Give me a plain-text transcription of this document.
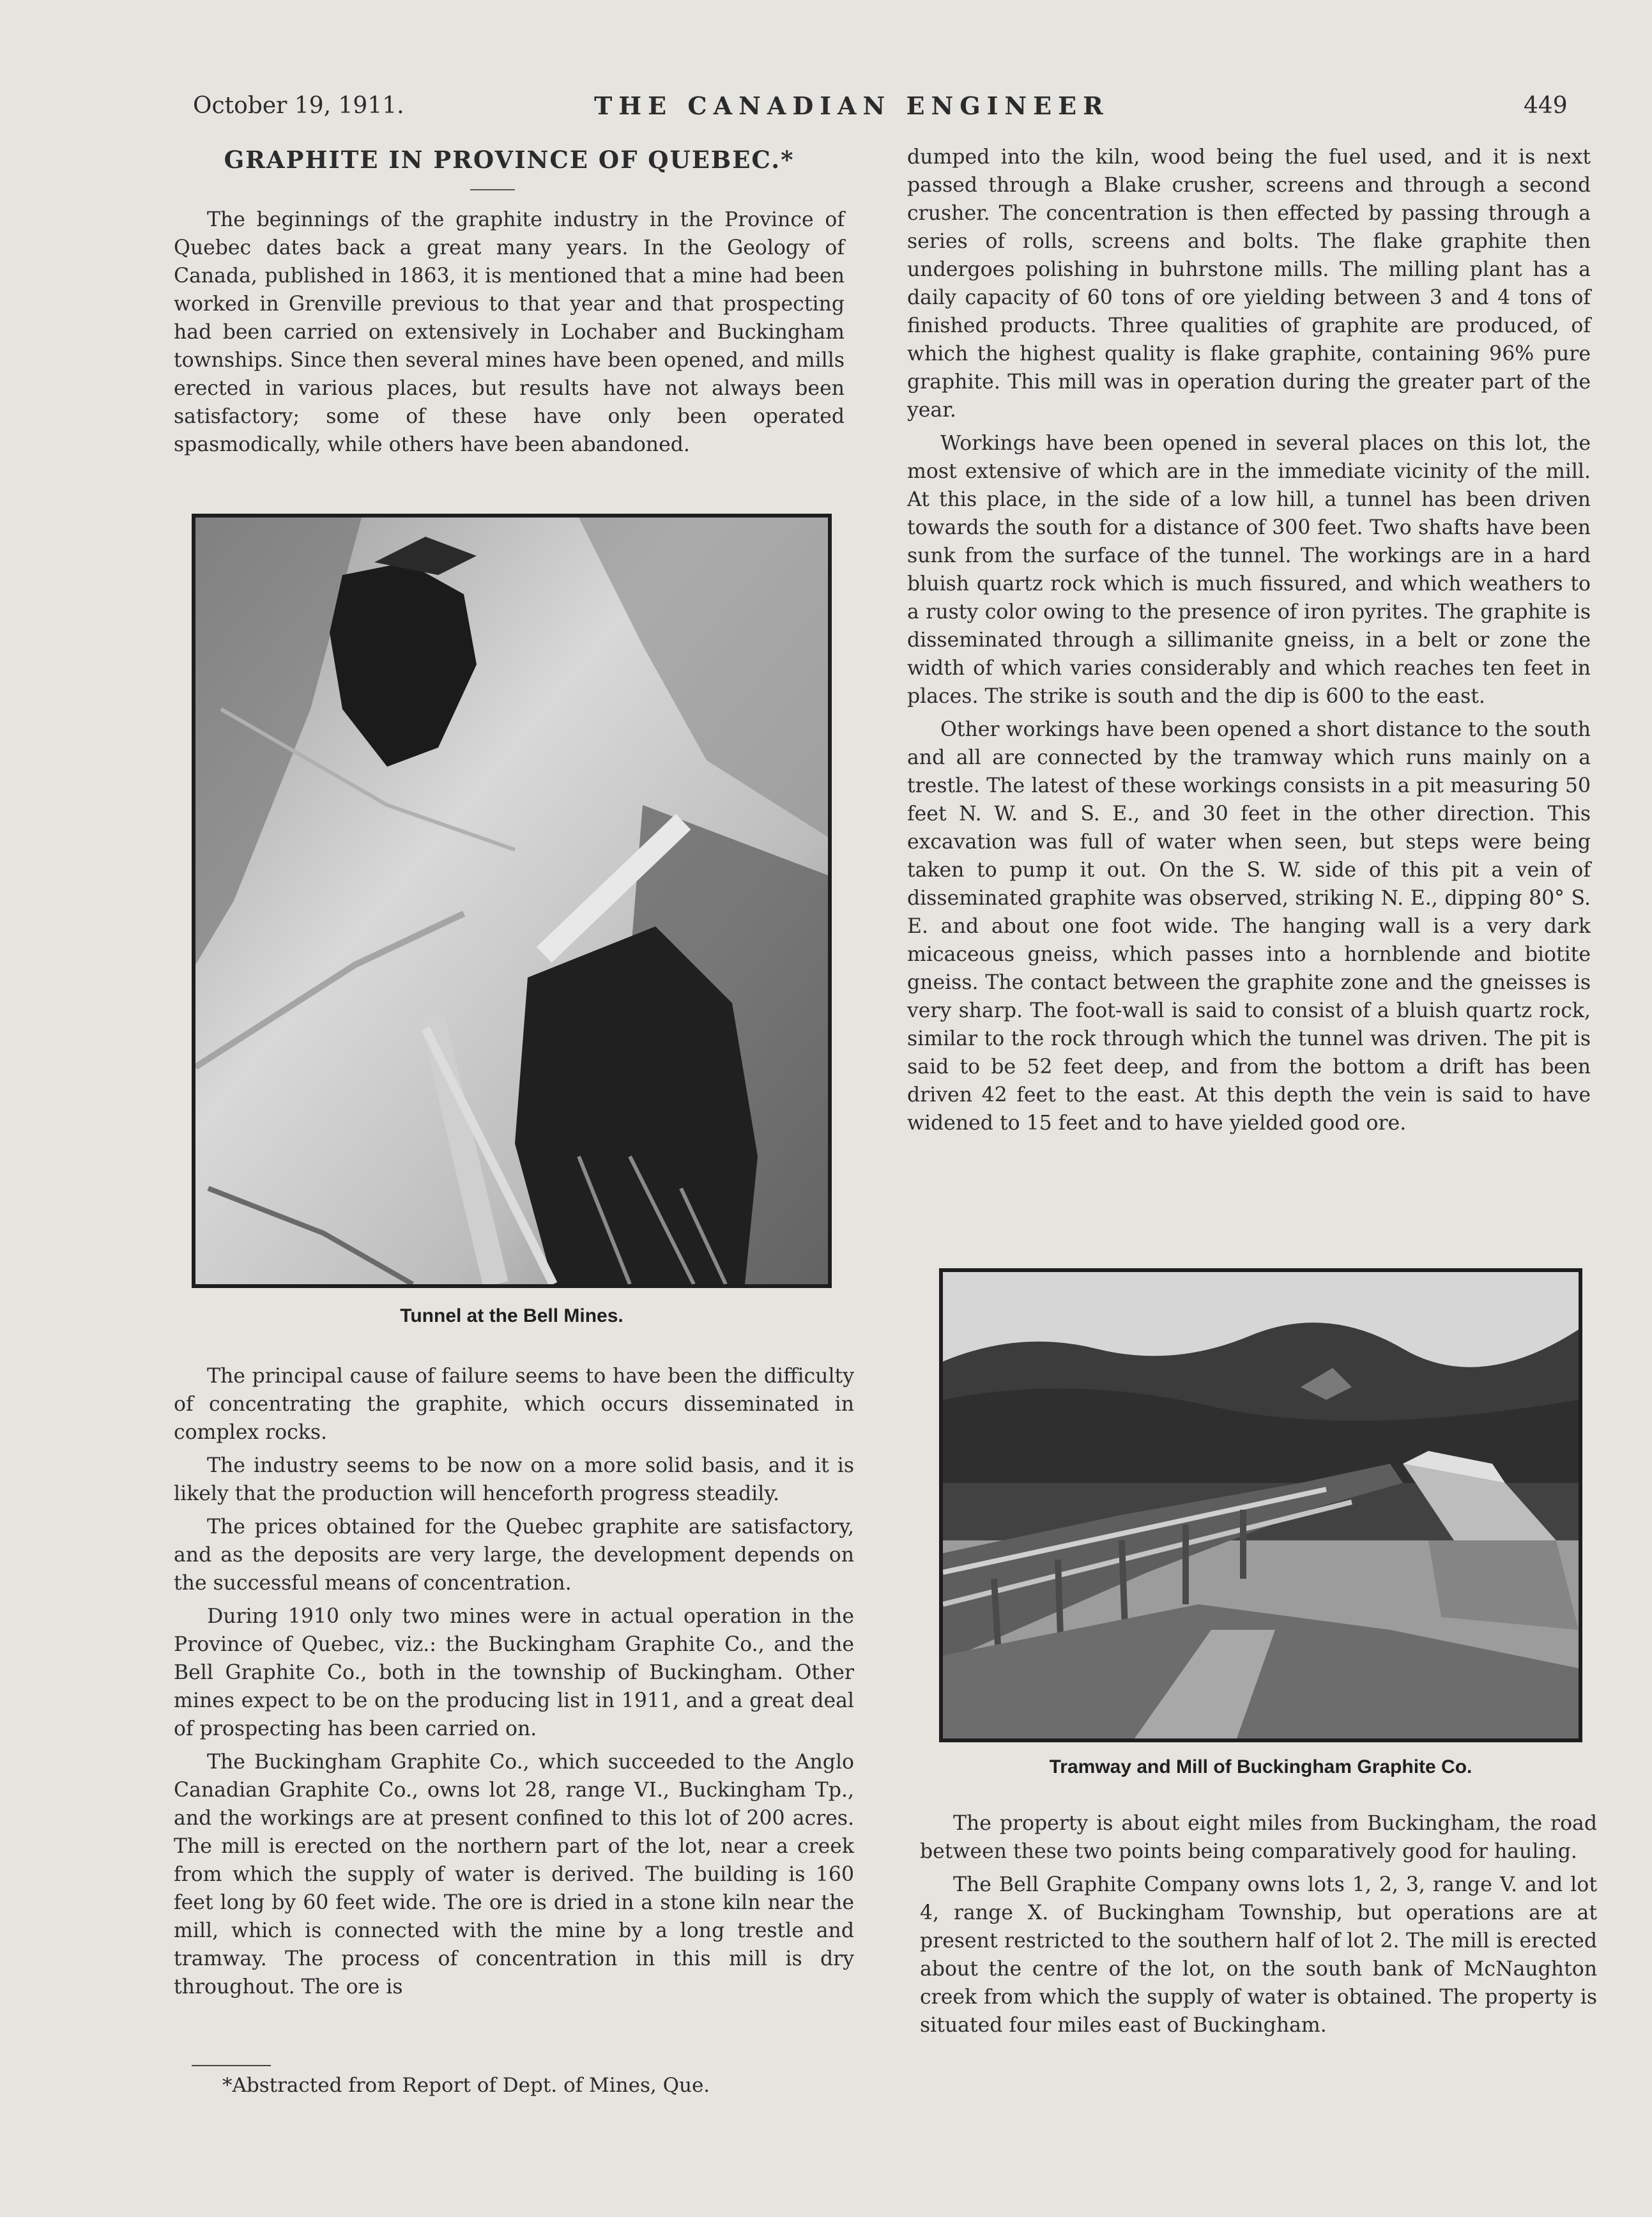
October 19, 1911.	THE CANADIAN ENGINEER	449
GRAPHITE IN PROVINCE OF QUEBEC.*

The beginnings of the graphite industry in the Province of Quebec dates back a great many years. In the Geology of Canada, published in 1863, it is mentioned that a mine had been worked in Grenville previous to that year and that prospecting had been carried on extensively in Lochaber and Buckingham townships. Since then several mines have been opened, and mills erected in various places, but results have not always been satisfactory; some of these have only been operated spasmodically, while others have been abandoned.

Tunnel at the Bell Mines.

The principal cause of failure seems to have been the difficulty of concentrating the graphite, which occurs disseminated in complex rocks.

The industry seems to be now on a more solid basis, and it is likely that the production will henceforth progress steadily.

The prices obtained for the Quebec graphite are satisfactory, and as the deposits are very large, the development depends on the successful means of concentration.

During 1910 only two mines were in actual operation in the Province of Quebec, viz.: the Buckingham Graphite Co., and the Bell Graphite Co., both in the township of Buckingham. Other mines expect to be on the producing list in 1911, and a great deal of prospecting has been carried on.

The Buckingham Graphite Co., which succeeded to the Anglo Canadian Graphite Co., owns lot 28, range VI., Buckingham Tp., and the workings are at present confined to this lot of 200 acres. The mill is erected on the northern part of the lot, near a creek from which the supply of water is derived. The building is 160 feet long by 60 feet wide. The ore is dried in a stone kiln near the mill, which is connected with the mine by a long trestle and tramway. The process of concentration in this mill is dry throughout. The ore is

*Abstracted from Report of Dept. of Mines, Que.

dumped into the kiln, wood being the fuel used, and it is next passed through a Blake crusher, screens and through a second crusher. The concentration is then effected by passing through a series of rolls, screens and bolts. The flake graphite then undergoes polishing in buhrstone mills. The milling plant has a daily capacity of 60 tons of ore yielding between 3 and 4 tons of finished products. Three qualities of graphite are produced, of which the highest quality is flake graphite, containing 96% pure graphite. This mill was in operation during the greater part of the year.

Workings have been opened in several places on this lot, the most extensive of which are in the immediate vicinity of the mill. At this place, in the side of a low hill, a tunnel has been driven towards the south for a distance of 300 feet. Two shafts have been sunk from the surface of the tunnel. The workings are in a hard bluish quartz rock which is much fissured, and which weathers to a rusty color owing to the presence of iron pyrites. The graphite is disseminated through a sillimanite gneiss, in a belt or zone the width of which varies considerably and which reaches ten feet in places. The strike is south and the dip is 600 to the east.

Other workings have been opened a short distance to the south and all are connected by the tramway which runs mainly on a trestle. The latest of these workings consists in a pit measuring 50 feet N. W. and S. E., and 30 feet in the other direction. This excavation was full of water when seen, but steps were being taken to pump it out. On the S. W. side of this pit a vein of disseminated graphite was observed, striking N. E., dipping 80° S. E. and about one foot wide. The hanging wall is a very dark micaceous gneiss, which passes into a hornblende and biotite gneiss. The contact between the graphite zone and the gneisses is very sharp. The foot-wall is said to consist of a bluish quartz rock, similar to the rock through which the tunnel was driven. The pit is said to be 52 feet deep, and from the bottom a drift has been driven 42 feet to the east. At this depth the vein is said to have widened to 15 feet and to have yielded good ore.

Tramway and Mill of Buckingham Graphite Co.

The property is about eight miles from Buckingham, the road between these two points being comparatively good for hauling.

The Bell Graphite Company owns lots 1, 2, 3, range V. and lot 4, range X. of Buckingham Township, but operations are at present restricted to the southern half of lot 2. The mill is erected about the centre of the lot, on the south bank of McNaughton creek from which the supply of water is obtained. The property is situated four miles east of Buckingham.
